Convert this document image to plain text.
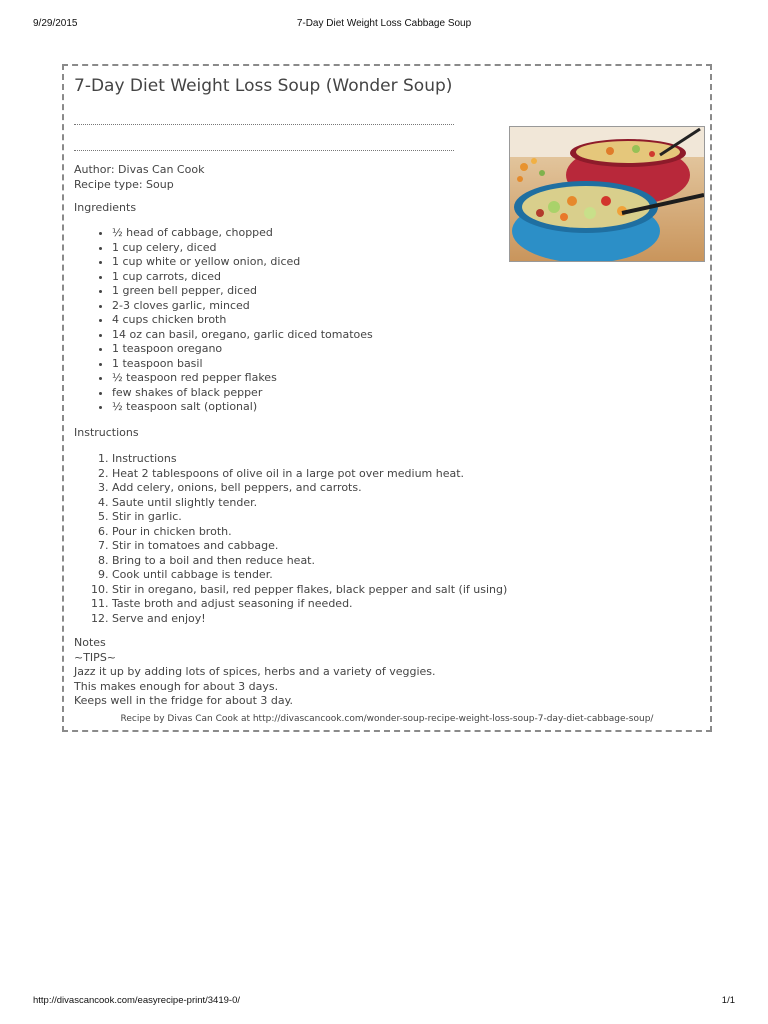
9/29/2015	7-Day Diet Weight Loss Cabbage Soup
7-Day Diet Weight Loss Soup (Wonder Soup)
Author: Divas Can Cook
Recipe type: Soup
Ingredients
• ½ head of cabbage, chopped
• 1 cup celery, diced
• 1 cup white or yellow onion, diced
• 1 cup carrots, diced
• 1 green bell pepper, diced
• 2-3 cloves garlic, minced
• 4 cups chicken broth
• 14 oz can basil, oregano, garlic diced tomatoes
• 1 teaspoon oregano
• 1 teaspoon basil
• ½ teaspoon red pepper flakes
• few shakes of black pepper
• ½ teaspoon salt (optional)
Instructions
1. Instructions
2. Heat 2 tablespoons of olive oil in a large pot over medium heat.
3. Add celery, onions, bell peppers, and carrots.
4. Saute until slightly tender.
5. Stir in garlic.
6. Pour in chicken broth.
7. Stir in tomatoes and cabbage.
8. Bring to a boil and then reduce heat.
9. Cook until cabbage is tender.
10. Stir in oregano, basil, red pepper flakes, black pepper and salt (if using)
11. Taste broth and adjust seasoning if needed.
12. Serve and enjoy!
Notes
~TIPS~
Jazz it up by adding lots of spices, herbs and a variety of veggies.
This makes enough for about 3 days.
Keeps well in the fridge for about 3 day.
Recipe by Divas Can Cook at http://divascancook.com/wonder-soup-recipe-weight-loss-soup-7-day-diet-cabbage-soup/
http://divascancook.com/easyrecipe-print/3419-0/	1/1
